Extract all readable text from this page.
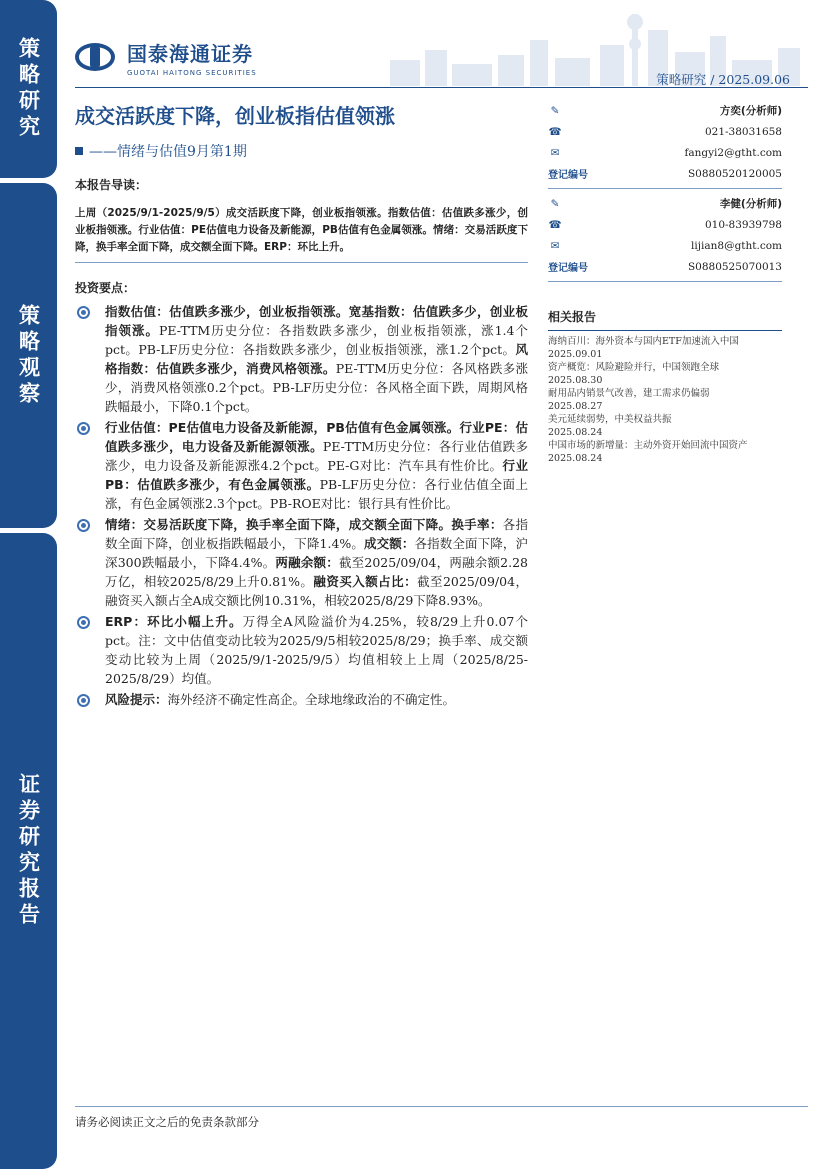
策略研究
策略观察
证券研究报告
国泰海通证券
GUOTAI HAITONG SECURITIES	策略研究 / 2025.09.06
成交活跃度下降，创业板指估值领涨
——情绪与估值9月第1期
本报告导读：
上周（2025/9/1-2025/9/5）成交活跃度下降，创业板指领涨。指数估值：估值跌多涨少，创业板指领涨。行业估值：PE估值电力设备及新能源，PB估值有色金属领涨。情绪：交易活跃度下降，换手率全面下降，成交额全面下降。ERP：环比上升。
投资要点：
指数估值：估值跌多涨少，创业板指领涨。宽基指数：估值跌多少，创业板指领涨。PE-TTM历史分位：各指数跌多涨少，创业板指领涨，涨1.4个pct。PB-LF历史分位：各指数跌多涨少，创业板指领涨，涨1.2个pct。风格指数：估值跌多涨少，消费风格领涨。PE-TTM历史分位：各风格跌多涨少，消费风格领涨0.2个pct。PB-LF历史分位：各风格全面下跌，周期风格跌幅最小，下降0.1个pct。
行业估值：PE估值电力设备及新能源，PB估值有色金属领涨。行业PE：估值跌多涨少，电力设备及新能源领涨。PE-TTM历史分位：各行业估值跌多涨少，电力设备及新能源涨4.2个pct。PE-G对比：汽车具有性价比。行业PB：估值跌多涨少，有色金属领涨。PB-LF历史分位：各行业估值全面上涨，有色金属领涨2.3个pct。PB-ROE对比：银行具有性价比。
情绪：交易活跃度下降，换手率全面下降，成交额全面下降。换手率：各指数全面下降，创业板指跌幅最小，下降1.4%。成交额：各指数全面下降，沪深300跌幅最小，下降4.4%。两融余额：截至2025/09/04，两融余额2.28万亿，相较2025/8/29上升0.81%。融资买入额占比：截至2025/09/04，融资买入额占全A成交额比例10.31%，相较2025/8/29下降8.93%。
ERP：环比小幅上升。万得全A风险溢价为4.25%，较8/29上升0.07个pct。注：文中估值变动比较为2025/9/5相较2025/8/29；换手率、成交额变动比较为上周（2025/9/1-2025/9/5）均值相较上上周（2025/8/25-2025/8/29）均值。
风险提示：海外经济不确定性高企。全球地缘政治的不确定性。
✎	方奕(分析师)
☎	021-38031658
✉	fangyi2@gtht.com
登记编号	S0880520120005
✎	李健(分析师)
☎	010-83939798
✉	lijian8@gtht.com
登记编号	S0880525070013
相关报告
海纳百川：海外资本与国内ETF加速流入中国
2025.09.01
资产概览：风险避险并行，中国领跑全球
2025.08.30
耐用品内销景气改善，建工需求仍偏弱
2025.08.27
美元延续弱势，中美权益共振
2025.08.24
中国市场的新增量：主动外资开始回流中国资产
2025.08.24
请务必阅读正文之后的免责条款部分
